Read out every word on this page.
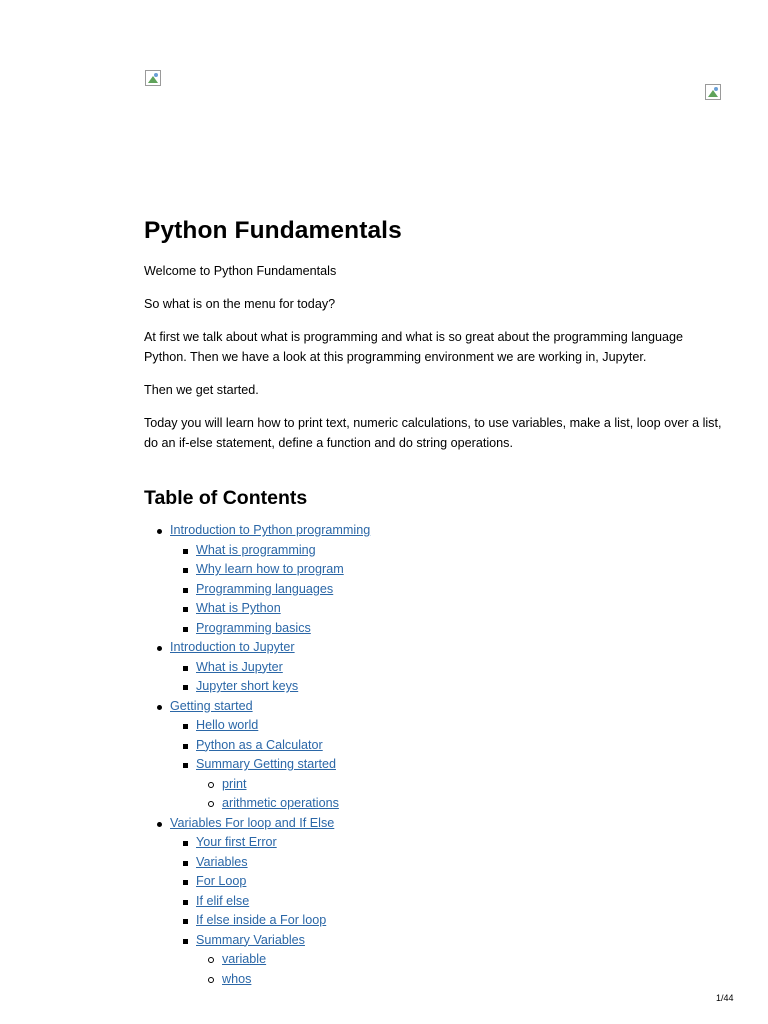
Python Fundamentals

Welcome to Python Fundamentals

So what is on the menu for today?

At first we talk about what is programming and what is so great about the programming language Python. Then we have a look at this programming environment we are working in, Jupyter.

Then we get started.

Today you will learn how to print text, numeric calculations, to use variables, make a list, loop over a list, do an if-else statement, define a function and do string operations.

Table of Contents
Introduction to Python programming
What is programming
Why learn how to program
Programming languages
What is Python
Programming basics
Introduction to Jupyter
What is Jupyter
Jupyter short keys
Getting started
Hello world
Python as a Calculator
Summary Getting started
print
arithmetic operations
Variables For loop and If Else
Your first Error
Variables
For Loop
If elif else
If else inside a For loop
Summary Variables
variable
whos
1/44
